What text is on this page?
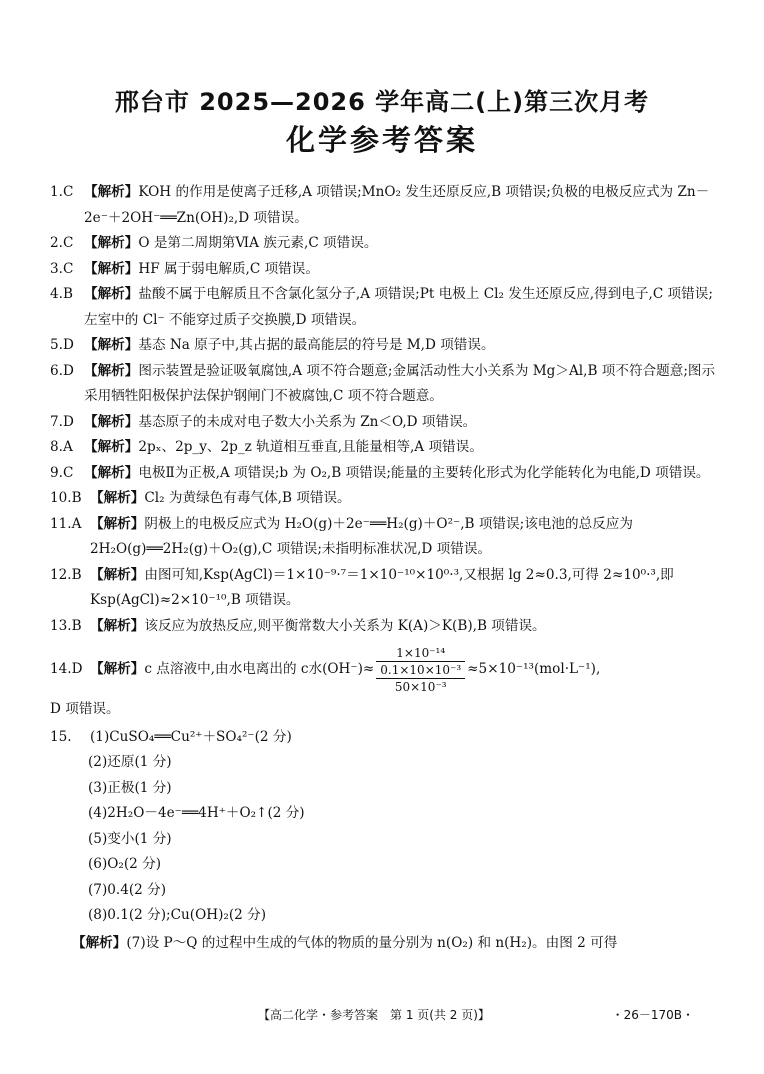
邢台市 2025—2026 学年高二(上)第三次月考
化学参考答案
1.C 【解析】KOH 的作用是使离子迁移,A 项错误;MnO₂ 发生还原反应,B 项错误;负极的电极反应式为 Zn－2e⁻＋2OH⁻══Zn(OH)₂,D 项错误。
2.C 【解析】O 是第二周期第ⅥA 族元素,C 项错误。
3.C 【解析】HF 属于弱电解质,C 项错误。
4.B 【解析】盐酸不属于电解质且不含氯化氢分子,A 项错误;Pt 电极上 Cl₂ 发生还原反应,得到电子,C 项错误;左室中的 Cl⁻ 不能穿过质子交换膜,D 项错误。
5.D 【解析】基态 Na 原子中,其占据的最高能层的符号是 M,D 项错误。
6.D 【解析】图示装置是验证吸氧腐蚀,A 项不符合题意;金属活动性大小关系为 Mg＞Al,B 项不符合题意;图示采用牺牲阳极保护法保护钢闸门不被腐蚀,C 项不符合题意。
7.D 【解析】基态原子的未成对电子数大小关系为 Zn＜O,D 项错误。
8.A 【解析】2pₓ、2p_y、2p_z 轨道相互垂直,且能量相等,A 项错误。
9.C 【解析】电极Ⅱ为正极,A 项错误;b 为 O₂,B 项错误;能量的主要转化形式为化学能转化为电能,D 项错误。
10.B 【解析】Cl₂ 为黄绿色有毒气体,B 项错误。
11.A 【解析】阴极上的电极反应式为 H₂O(g)＋2e⁻══H₂(g)＋O²⁻,B 项错误;该电池的总反应为 2H₂O(g)══2H₂(g)＋O₂(g),C 项错误;未指明标准状况,D 项错误。
12.B 【解析】由图可知,Ksp(AgCl)＝1×10⁻⁹·⁷＝1×10⁻¹⁰×10⁰·³,又根据 lg 2≈0.3,可得 2≈10⁰·³,即 Ksp(AgCl)≈2×10⁻¹⁰,B 项错误。
13.B 【解析】该反应为放热反应,则平衡常数大小关系为 K(A)＞K(B),B 项错误。
14.D 【解析】c 点溶液中,由水电离出的 c水(OH⁻)≈
1×10⁻¹⁴
0.1×10×10⁻³
50×10⁻³
≈5×10⁻¹³(mol·L⁻¹),
D 项错误。
15.	(1)CuSO₄══Cu²⁺＋SO₄²⁻(2 分)
(2)还原(1 分)
(3)正极(1 分)
(4)2H₂O－4e⁻══4H⁺＋O₂↑(2 分)
(5)变小(1 分)
(6)O₂(2 分)
(7)0.4(2 分)
(8)0.1(2 分);Cu(OH)₂(2 分)
【解析】(7)设 P～Q 的过程中生成的气体的物质的量分别为 n(O₂) 和 n(H₂)。由图 2 可得
【高二化学・参考答案　第 1 页(共 2 页)】	・26－170B・
